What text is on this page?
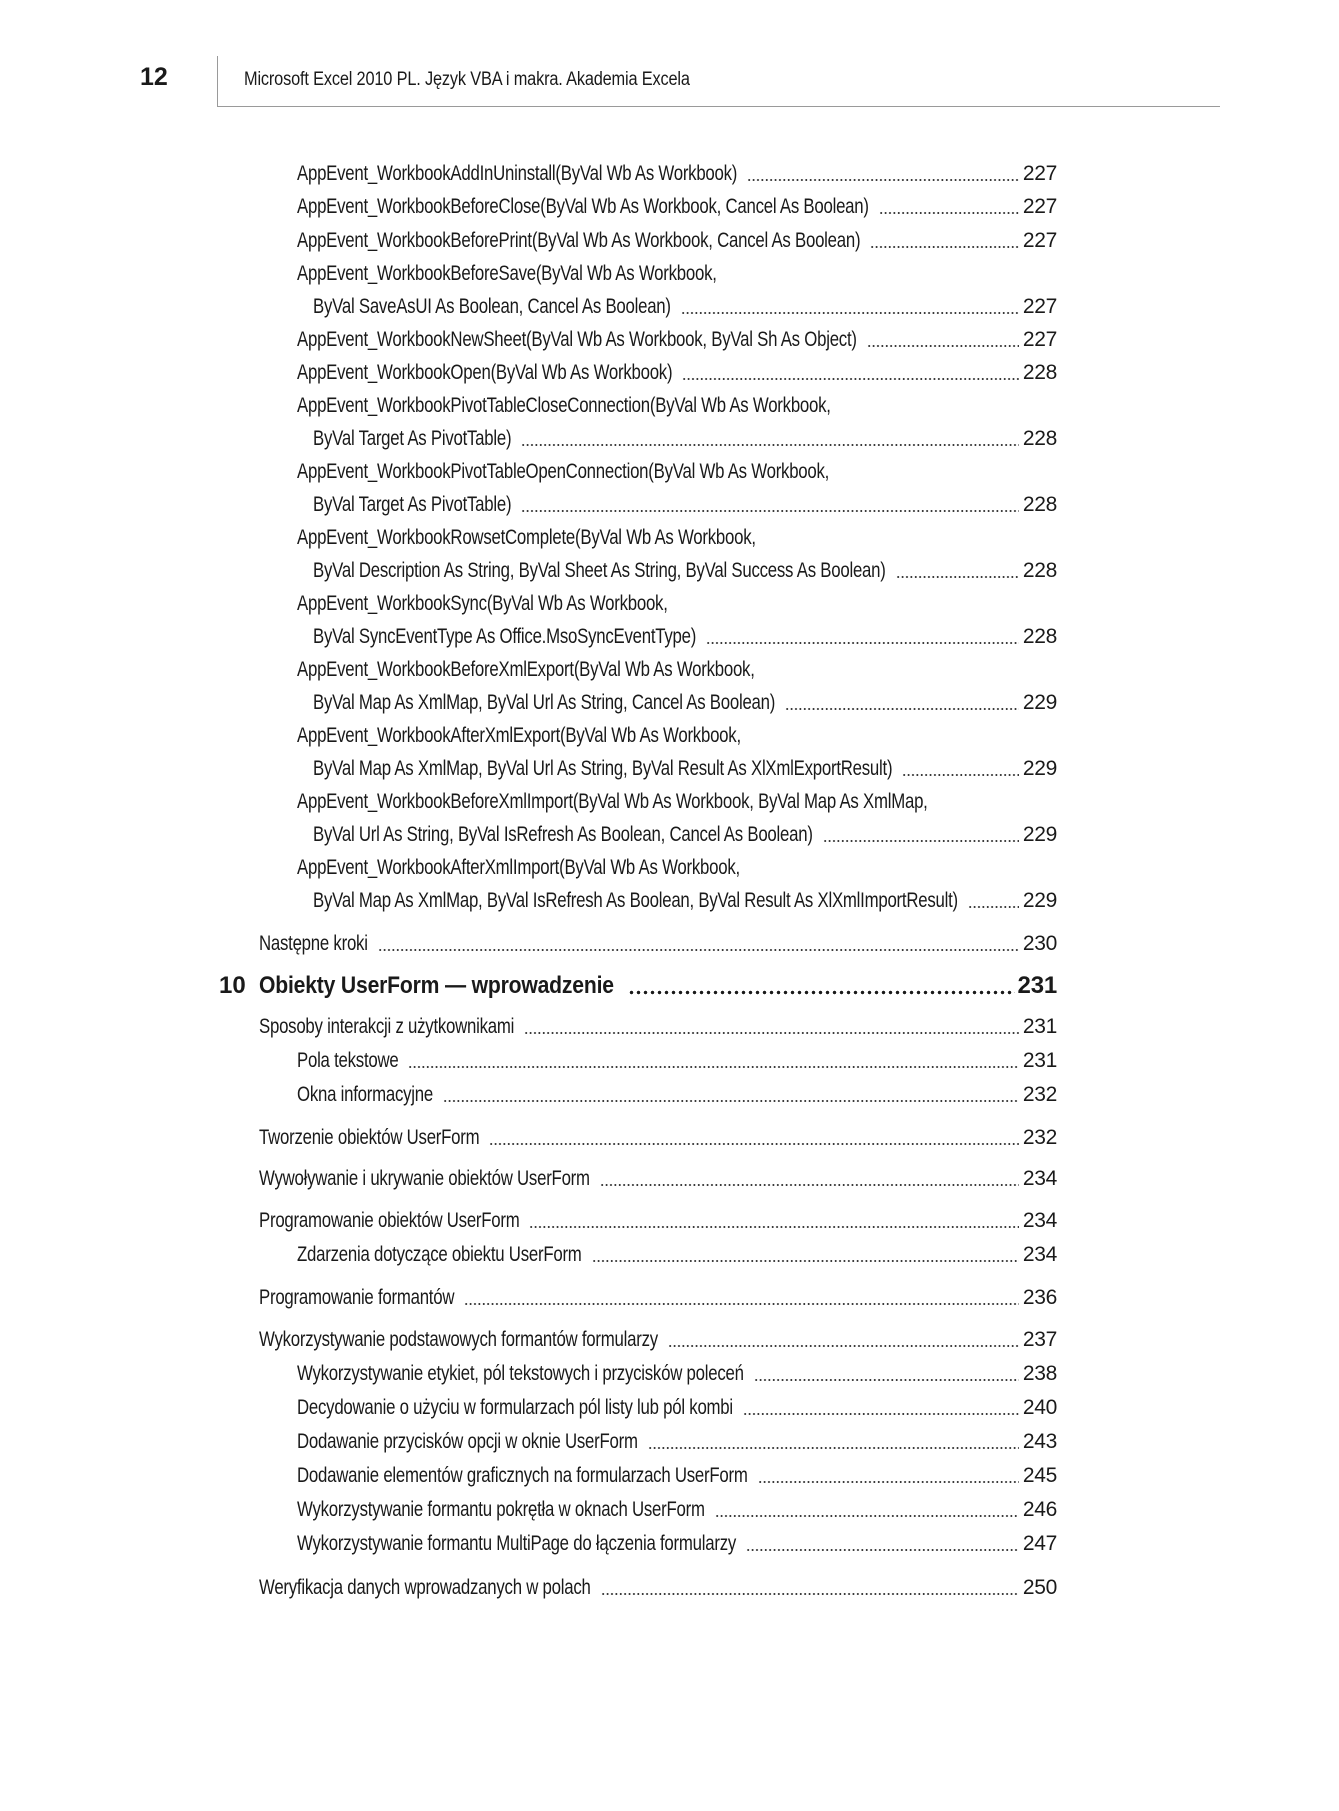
12	Microsoft Excel 2010 PL. Język VBA i makra. Akademia Excela
AppEvent_WorkbookAddInUninstall(ByVal Wb As Workbook)	227
AppEvent_WorkbookBeforeClose(ByVal Wb As Workbook, Cancel As Boolean)	227
AppEvent_WorkbookBeforePrint(ByVal Wb As Workbook, Cancel As Boolean)	227
AppEvent_WorkbookBeforeSave(ByVal Wb As Workbook,
ByVal SaveAsUI As Boolean, Cancel As Boolean)	227
AppEvent_WorkbookNewSheet(ByVal Wb As Workbook, ByVal Sh As Object)	227
AppEvent_WorkbookOpen(ByVal Wb As Workbook)	228
AppEvent_WorkbookPivotTableCloseConnection(ByVal Wb As Workbook,
ByVal Target As PivotTable)	228
AppEvent_WorkbookPivotTableOpenConnection(ByVal Wb As Workbook,
ByVal Target As PivotTable)	228
AppEvent_WorkbookRowsetComplete(ByVal Wb As Workbook,
ByVal Description As String, ByVal Sheet As String, ByVal Success As Boolean)	228
AppEvent_WorkbookSync(ByVal Wb As Workbook,
ByVal SyncEventType As Office.MsoSyncEventType)	228
AppEvent_WorkbookBeforeXmlExport(ByVal Wb As Workbook,
ByVal Map As XmlMap, ByVal Url As String, Cancel As Boolean)	229
AppEvent_WorkbookAfterXmlExport(ByVal Wb As Workbook,
ByVal Map As XmlMap, ByVal Url As String, ByVal Result As XlXmlExportResult)	229
AppEvent_WorkbookBeforeXmlImport(ByVal Wb As Workbook, ByVal Map As XmlMap,
ByVal Url As String, ByVal IsRefresh As Boolean, Cancel As Boolean)	229
AppEvent_WorkbookAfterXmlImport(ByVal Wb As Workbook,
ByVal Map As XmlMap, ByVal IsRefresh As Boolean, ByVal Result As XlXmlImportResult)	229
Następne kroki	230
10 Obiekty UserForm — wprowadzenie	231
Sposoby interakcji z użytkownikami	231
Pola tekstowe	231
Okna informacyjne	232
Tworzenie obiektów UserForm	232
Wywoływanie i ukrywanie obiektów UserForm	234
Programowanie obiektów UserForm	234
Zdarzenia dotyczące obiektu UserForm	234
Programowanie formantów	236
Wykorzystywanie podstawowych formantów formularzy	237
Wykorzystywanie etykiet, pól tekstowych i przycisków poleceń	238
Decydowanie o użyciu w formularzach pól listy lub pól kombi	240
Dodawanie przycisków opcji w oknie UserForm	243
Dodawanie elementów graficznych na formularzach UserForm	245
Wykorzystywanie formantu pokrętła w oknach UserForm	246
Wykorzystywanie formantu MultiPage do łączenia formularzy	247
Weryfikacja danych wprowadzanych w polach	250
